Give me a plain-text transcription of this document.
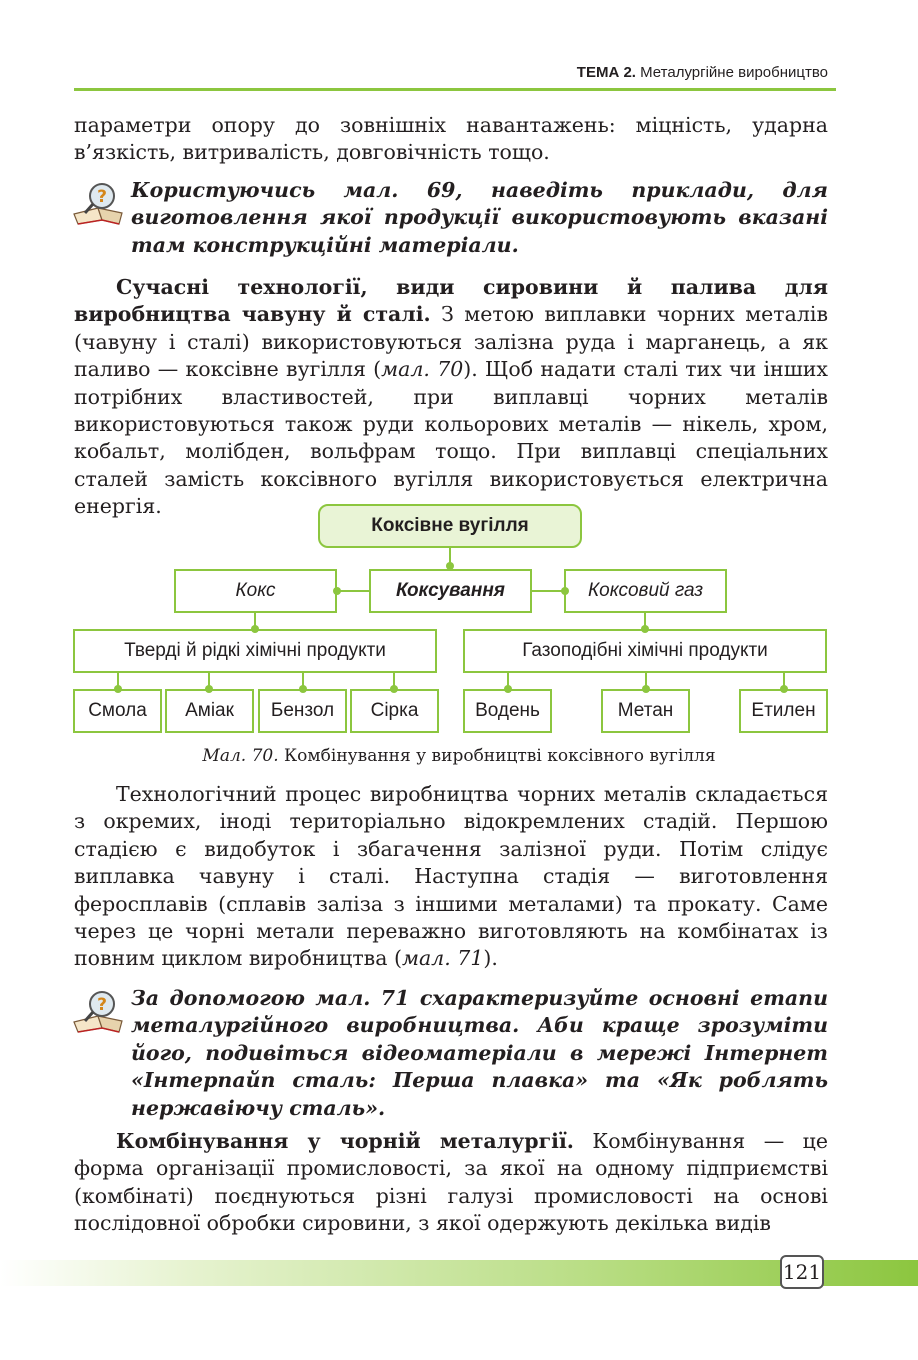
ТЕМА 2. Металургійне виробництво

параметри опору до зовнішніх навантажень: міцність, ударна в’язкість, витривалість, довговічність тощо.

? Користуючись мал. 69, наведіть приклади, для виготовлення якої продукції використовують вказані там конструкційні матеріали.

Сучасні технології, види сировини й палива для виробництва чавуну й сталі. З метою виплавки чорних металів (чавуну і сталі) використовуються залізна руда і марганець, а як паливо — коксівне вугілля (мал. 70). Щоб надати сталі тих чи інших потрібних властивостей, при виплавці чорних металів використовуються також руди кольорових металів — нікель, хром, кобальт, молібден, вольфрам тощо. При виплавці спеціальних сталей замість коксівного вугілля використовується електрична енергія.

Коксівне вугілля
Кокс	Коксування	Коксовий газ
Тверді й рідкі хімічні продукти	Газоподібні хімічні продукти
Смола	Аміак	Бензол	Сірка	Водень	Метан	Етилен
Мал. 70. Комбінування у виробництві коксівного вугілля

Технологічний процес виробництва чорних металів складається з окремих, іноді територіально відокремлених стадій. Першою стадією є видобуток і збагачення залізної руди. Потім слідує виплавка чавуну і сталі. Наступна стадія — виготовлення феросплавів (сплавів заліза з іншими металами) та прокату. Саме через це чорні метали переважно виготовляють на комбінатах із повним циклом виробництва (мал. 71).

? За допомогою мал. 71 схарактеризуйте основні етапи металургійного виробництва. Аби краще зрозуміти його, подивіться відеоматеріали в мережі Інтернет «Інтерпайп сталь: Перша плавка» та «Як роблять нержавіючу сталь».

Комбінування у чорній металургії. Комбінування — це форма організації промисловості, за якої на одному підприємстві (комбінаті) поєднуються різні галузі промисловості на основі послідовної обробки сировини, з якої одержують декілька видів

121
